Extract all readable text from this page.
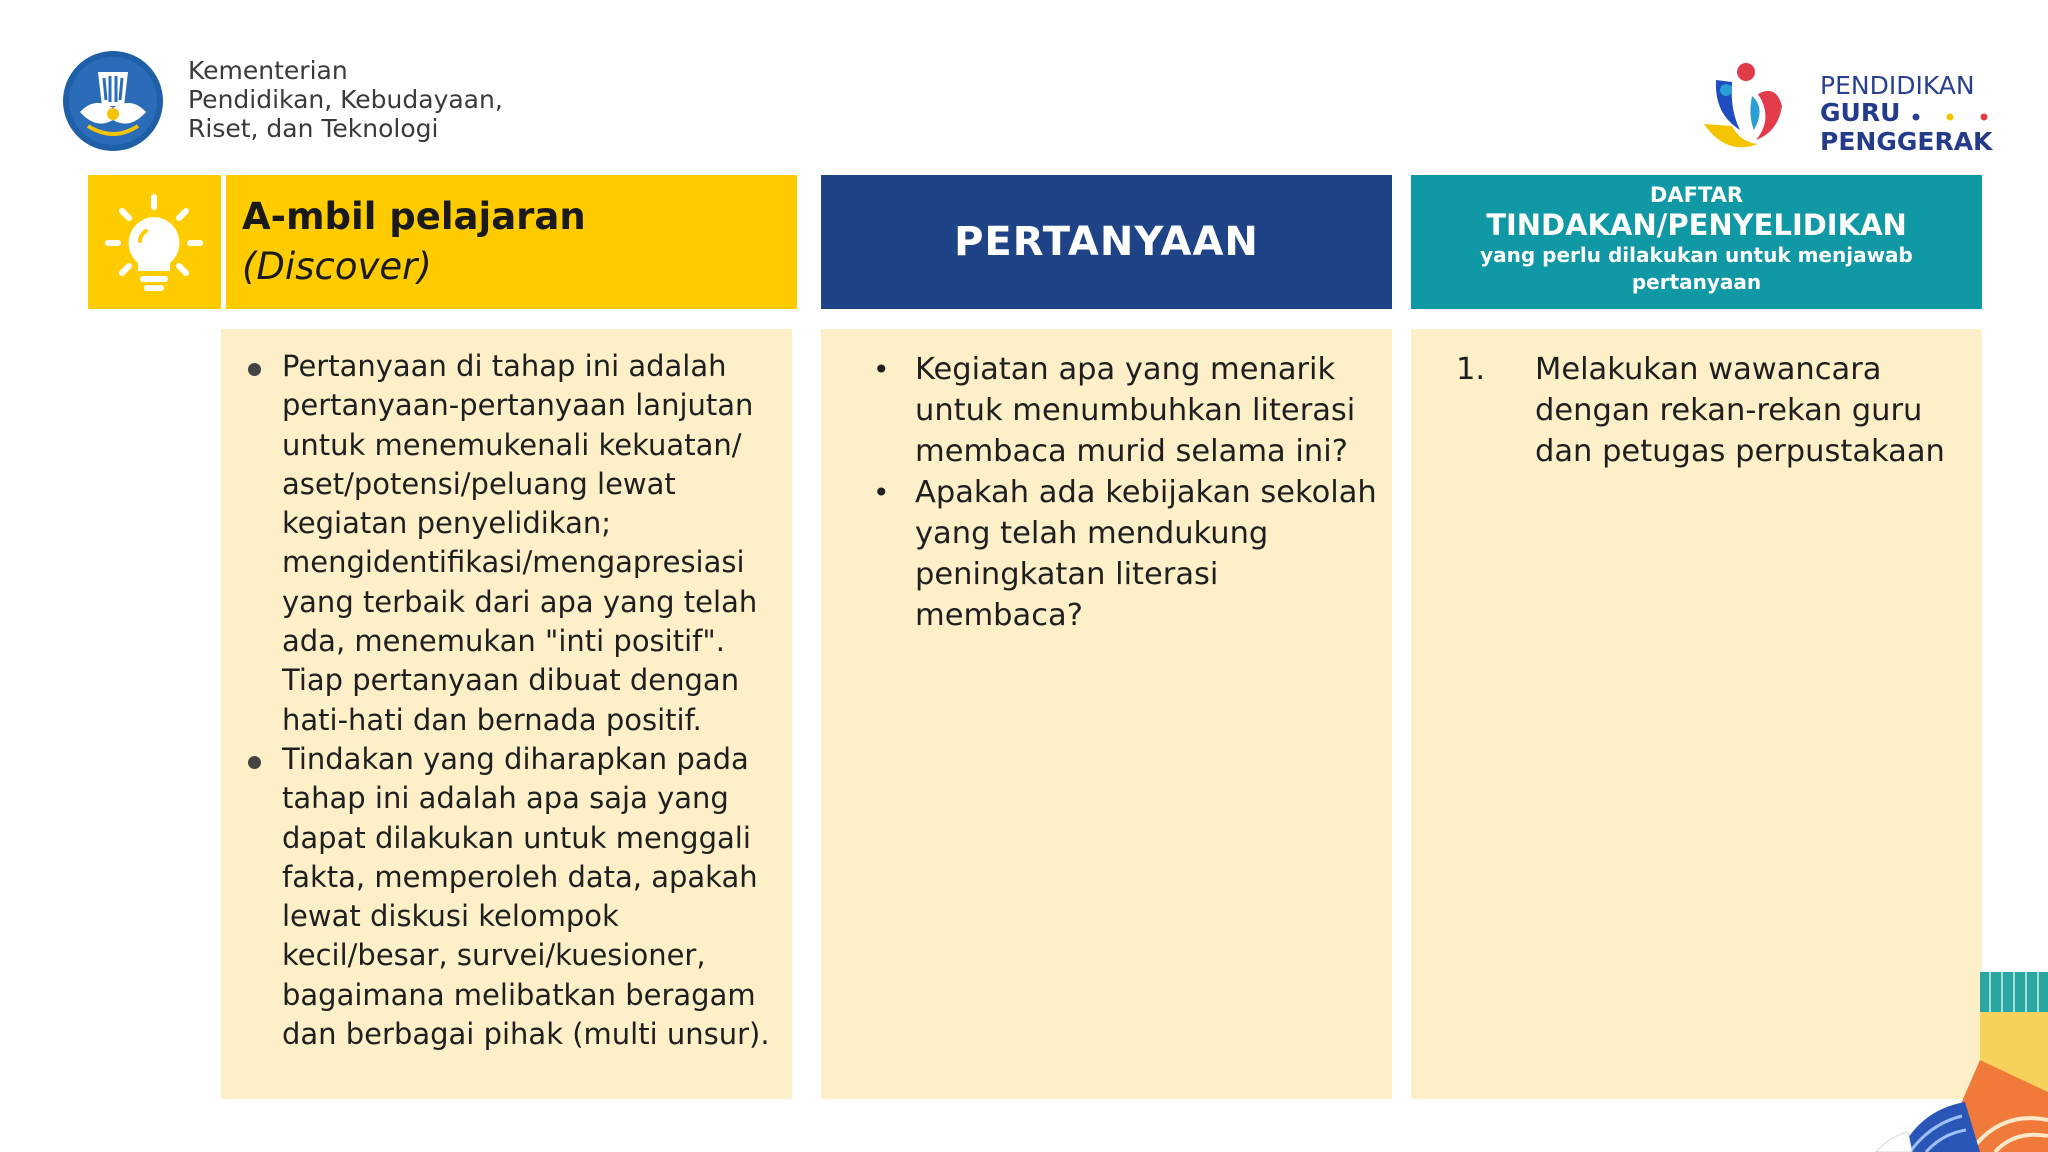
Kementerian
Pendidikan, Kebudayaan,
Riset, dan Teknologi
PENDIDIKAN
GURU
PENGGERAK
A-mbil pelajaran
(Discover)
PERTANYAAN
DAFTAR
TINDAKAN/PENYELIDIKAN
yang perlu dilakukan untuk menjawab pertanyaan
Pertanyaan di tahap ini adalah pertanyaan-pertanyaan lanjutan untuk menemukenali kekuatan/ aset/potensi/peluang lewat kegiatan penyelidikan; mengidentifikasi/mengapresiasi yang terbaik dari apa yang telah ada, menemukan "inti positif". Tiap pertanyaan dibuat dengan hati-hati dan bernada positif.
Tindakan yang diharapkan pada tahap ini adalah apa saja yang dapat dilakukan untuk menggali fakta, memperoleh data, apakah lewat diskusi kelompok kecil/besar, survei/kuesioner, bagaimana melibatkan beragam dan berbagai pihak (multi unsur).
• Kegiatan apa yang menarik untuk menumbuhkan literasi membaca murid selama ini?
• Apakah ada kebijakan sekolah yang telah mendukung peningkatan literasi membaca?
1. Melakukan wawancara dengan rekan-rekan guru dan petugas perpustakaan
